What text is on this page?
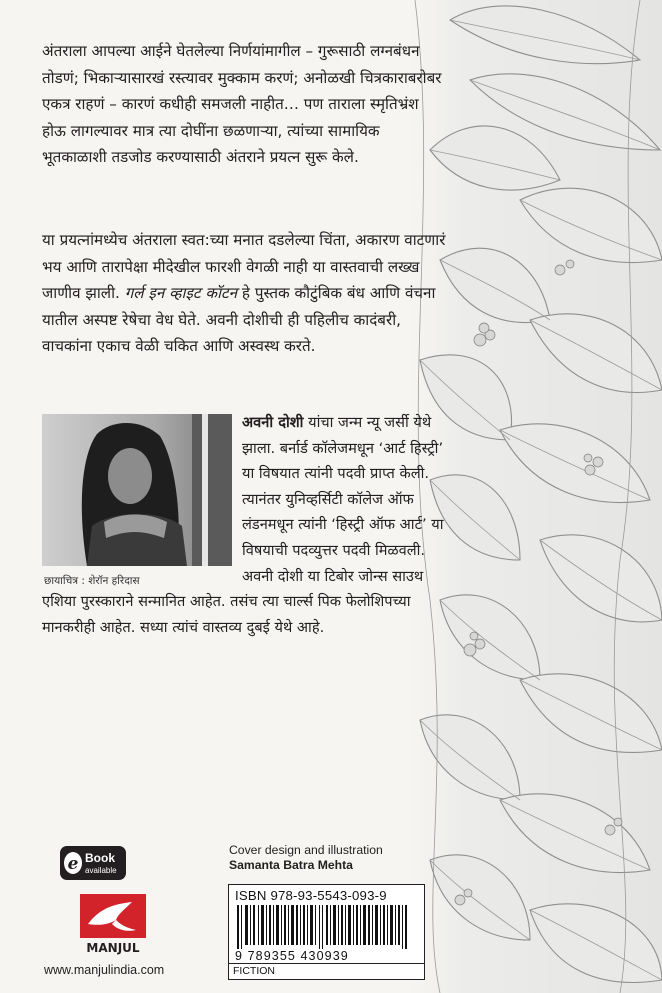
अंतराला आपल्या आईने घेतलेल्या निर्णयांमागील – गुरूसाठी लग्नबंधन तोडणं; भिकाऱ्यासारखं रस्त्यावर मुक्काम करणं; अनोळखी चित्रकाराबरोबर एकत्र राहणं – कारणं कधीही समजली नाहीत… पण ताराला स्मृतिभ्रंश होऊ लागल्यावर मात्र त्या दोघींना छळणाऱ्या, त्यांच्या सामायिक भूतकाळाशी तडजोड करण्यासाठी अंतराने प्रयत्न सुरू केले.

या प्रयत्नांमध्येच अंतराला स्वत:च्या मनात दडलेल्या चिंता, अकारण वाटणारं भय आणि तारापेक्षा मीदेखील फारशी वेगळी नाही या वास्तवाची लख्ख जाणीव झाली. गर्ल इन व्हाइट कॉटन हे पुस्तक कौटुंबिक बंध आणि वंचना यातील अस्पष्ट रेषेचा वेध घेते. अवनी दोशीची ही पहिलीच कादंबरी, वाचकांना एकाच वेळी चकित आणि अस्वस्थ करते.

छायाचित्र : शेरॉन हरिदास

अवनी दोशी यांचा जन्म न्यू जर्सी येथे झाला. बर्नार्ड कॉलेजमधून ‘आर्ट हिस्ट्री’ या विषयात त्यांनी पदवी प्राप्त केली. त्यानंतर युनिव्हर्सिटी कॉलेज ऑफ लंडनमधून त्यांनी ‘हिस्ट्री ऑफ आर्ट’ या विषयाची पदव्युत्तर पदवी मिळवली. अवनी दोशी या टिबोर जोन्स साउथ एशिया पुरस्काराने सन्मानित आहेत. तसंच त्या चार्ल्स पिक फेलोशिपच्या मानकरीही आहेत. सध्या त्यांचं वास्तव्य दुबई येथे आहे.

e Book
available
MANJUL
www.manjulindia.com
Cover design and illustration
Samanta Batra Mehta
ISBN 978-93-5543-093-9
9 789355 430939
FICTION
